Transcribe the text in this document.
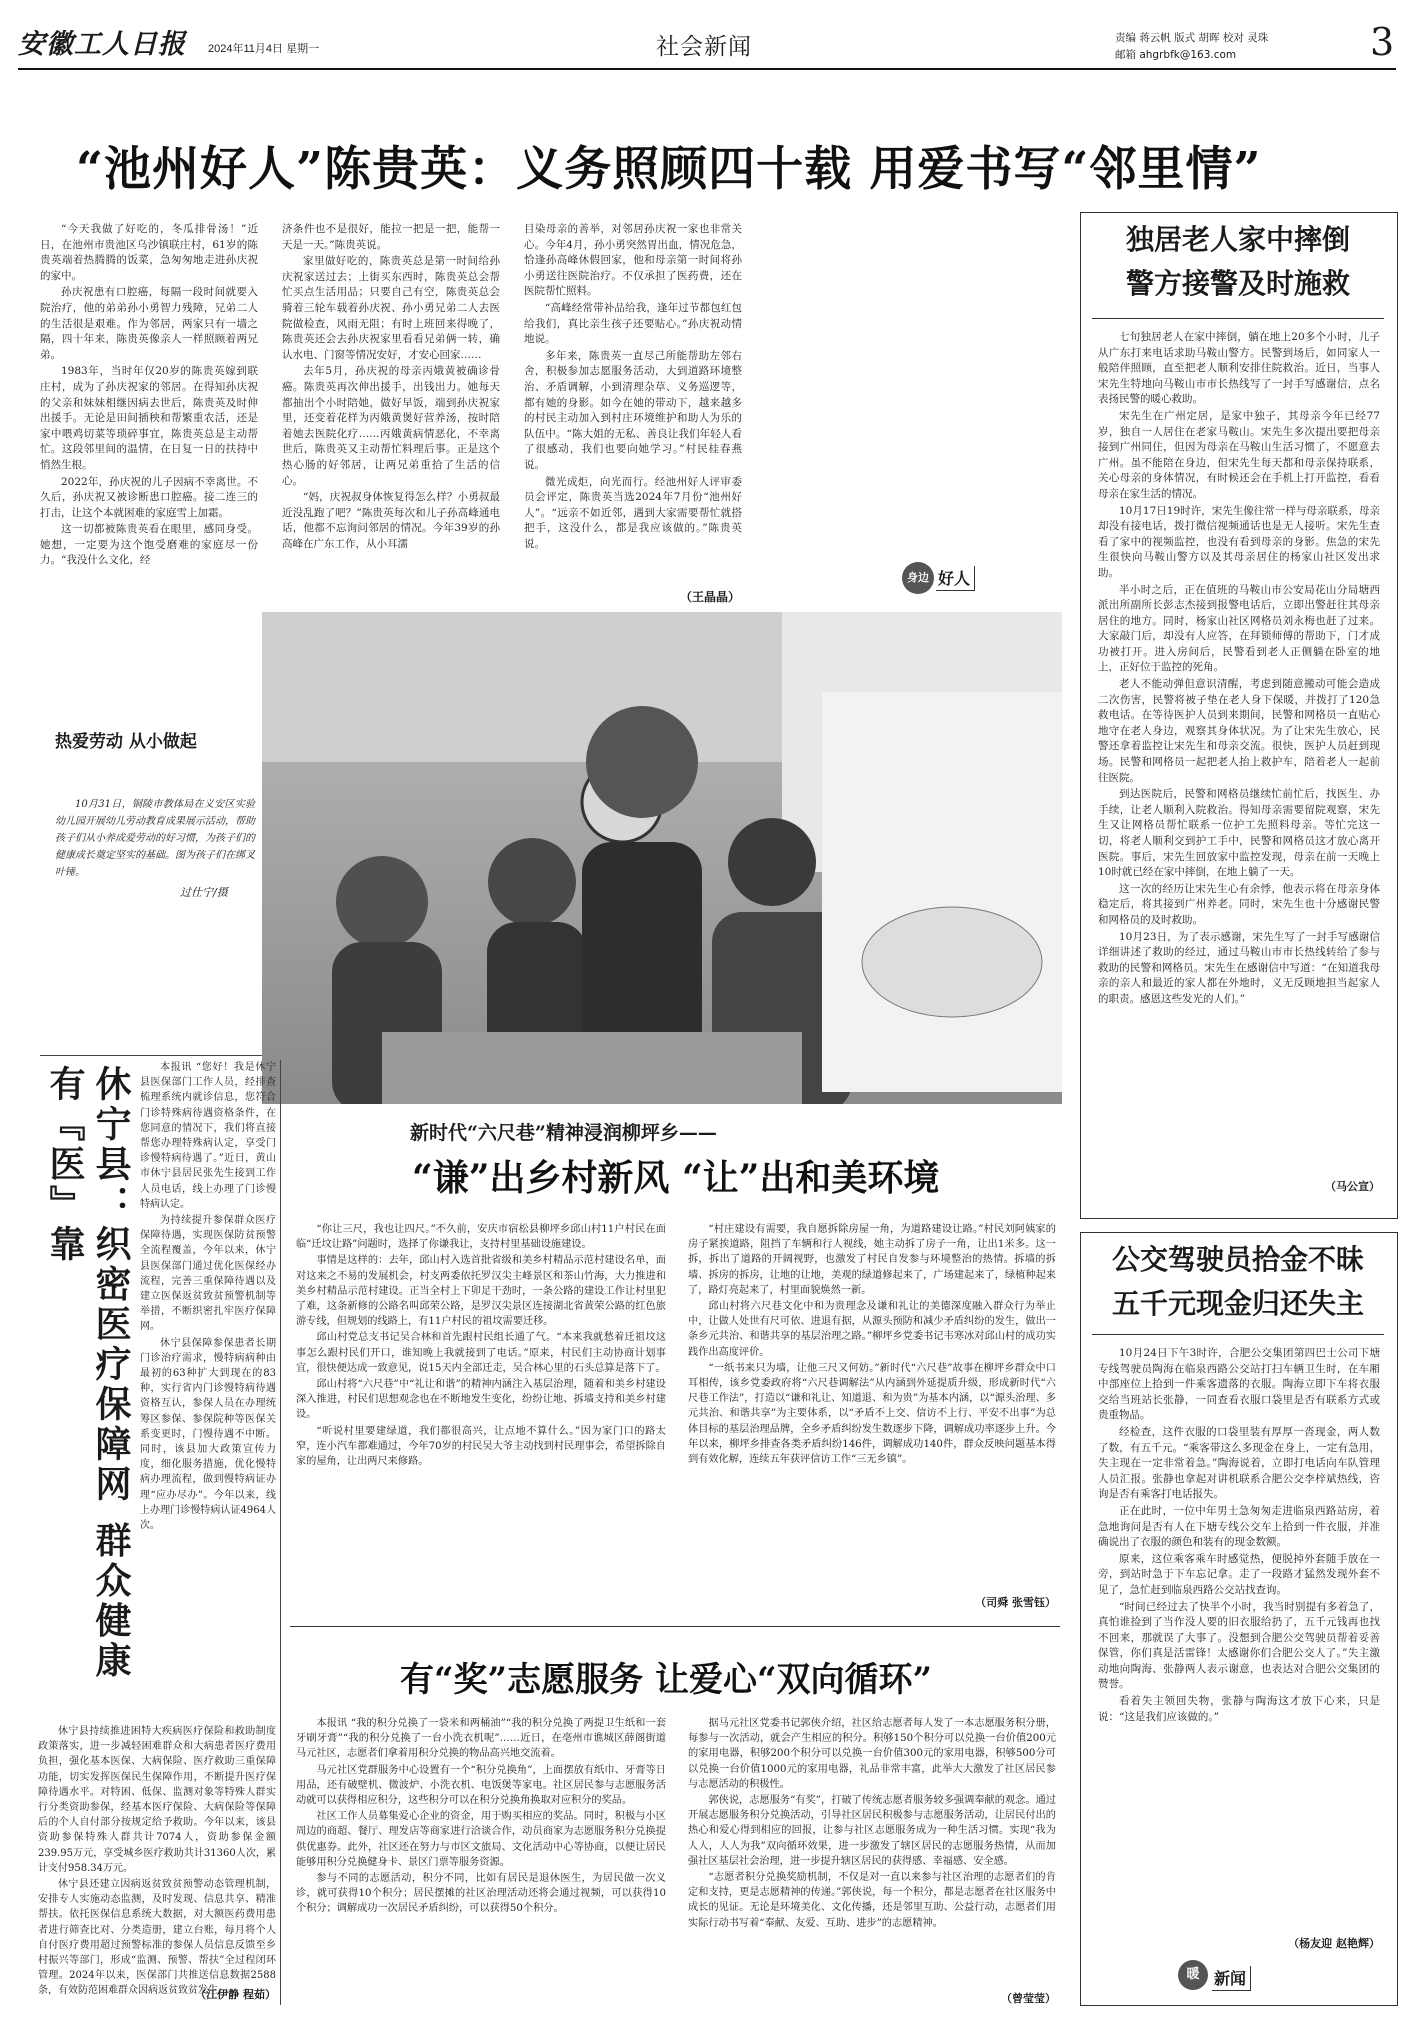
安徽工人日报 2024年11月4日 星期一	社会新闻	责编 蒋云帆 版式 胡晖 校对 灵珠
邮箱 ahgrbfk@163.com	3
“池州好人”陈贵英：义务照顾四十载 用爱书写“邻里情”

“今天我做了好吃的，冬瓜排骨汤！”近日，在池州市贵池区乌沙镇联庄村，61岁的陈贵英端着热腾腾的饭菜，急匆匆地走进孙庆祝的家中。

孙庆祝患有口腔癌，每隔一段时间就要入院治疗，他的弟弟孙小勇智力残障，兄弟二人的生活很是艰难。作为邻居，两家只有一墙之隔，四十年来，陈贵英像亲人一样照顾着两兄弟。

1983年，当时年仅20岁的陈贵英嫁到联庄村，成为了孙庆祝家的邻居。在得知孙庆祝的父亲和妹妹相继因病去世后，陈贵英及时伸出援手。无论是田间插秧和帮繁重农活，还是家中喂鸡切菜等琐碎事宜，陈贵英总是主动帮忙。这段邻里间的温情，在日复一日的扶持中悄然生根。

2022年，孙庆祝的儿子因病不幸离世。不久后，孙庆祝又被诊断患口腔癌。接二连三的打击，让这个本就困难的家庭雪上加霜。

这一切都被陈贵英看在眼里，感同身受。她想，一定要为这个饱受磨难的家庭尽一份力。“我没什么文化，经

济条件也不是很好，能拉一把是一把，能帮一天是一天。”陈贵英说。

家里做好吃的，陈贵英总是第一时间给孙庆祝家送过去；上街买东西时，陈贵英总会帮忙买点生活用品；只要自己有空，陈贵英总会骑着三轮车载着孙庆祝、孙小勇兄弟二人去医院做检查，风雨无阻；有时上班回来得晚了，陈贵英还会去孙庆祝家里看看兄弟俩一转，确认水电、门窗等情况安好，才安心回家……

去年5月，孙庆祝的母亲丙娥黄被确诊骨癌。陈贵英再次伸出援手，出钱出力。她每天都抽出个小时陪她，做好早饭，端到孙庆祝家里，还变着花样为丙娥黄煲好营养汤，按时陪着她去医院化疗……丙娥黄病情恶化，不幸离世后，陈贵英又主动帮忙料理后事。正是这个热心肠的好邻居，让两兄弟重拾了生活的信心。

“妈，庆祝叔身体恢复得怎么样？小勇叔最近没乱跑了吧？”陈贵英每次和儿子孙高峰通电话，他都不忘询问邻居的情况。今年39岁的孙高峰在广东工作，从小耳濡

目染母亲的善举，对邻居孙庆祝一家也非常关心。今年4月，孙小勇突然胃出血，情况危急，恰逢孙高峰休假回家，他和母亲第一时间将孙小勇送往医院治疗。不仅承担了医药费，还在医院帮忙照料。

“高峰经常带补品给我，逢年过节都包红包给我们，真比亲生孩子还要贴心。”孙庆祝动情地说。

多年来，陈贵英一直尽己所能帮助左邻右舍，积极参加志愿服务活动，大到道路环境整治、矛盾调解，小到清理杂草、义务巡逻等，都有她的身影。如今在她的带动下，越来越多的村民主动加入到村庄环境维护和助人为乐的队伍中。“陈大姐的无私、善良让我们年轻人看了很感动，我们也要向她学习。”村民桂春燕说。

微光成炬，向光而行。经池州好人评审委员会评定，陈贵英当选2024年7月份“池州好人”。“远亲不如近邻，遇到大家需要帮忙就搭把手，这没什么，都是我应该做的。”陈贵英说。

（王晶晶）
身边 好人
热爱劳动 从小做起
10月31日，铜陵市教体局在义安区实验幼儿园开展幼儿劳动教育成果展示活动，帮助孩子们从小养成爱劳动的好习惯，为孩子们的健康成长奠定坚实的基础。图为孩子们在绑叉叶锤。
过仕宁/摄
独居老人家中摔倒
警方接警及时施救

七旬独居老人在家中摔倒，躺在地上20多个小时，儿子从广东打来电话求助马鞍山警方。民警到场后，如同家人一般陪伴照顾，直至把老人顺利安排住院救治。近日，当事人宋先生特地向马鞍山市市长热线写了一封手写感谢信，点名表扬民警的暖心救助。

宋先生在广州定居，是家中独子，其母亲今年已经77岁，独自一人居住在老家马鞍山。宋先生多次提出要把母亲接到广州同住，但因为母亲在马鞍山生活习惯了，不愿意去广州。虽不能陪在身边，但宋先生每天都和母亲保持联系，关心母亲的身体情况，有时候还会在手机上打开监控，看看母亲在家生活的情况。

10月17日19时许，宋先生像往常一样与母亲联系，母亲却没有接电话，拨打微信视频通话也是无人接听。宋先生查看了家中的视频监控，也没有看到母亲的身影。焦急的宋先生很快向马鞍山警方以及其母亲居住的杨家山社区发出求助。

半小时之后，正在值班的马鞍山市公安局花山分局塘西派出所副所长彭志杰接到报警电话后，立即出警赶往其母亲居住的地方。同时，杨家山社区网格员刘永梅也赶了过来。大家敲门后，却没有人应答，在拜锁师傅的帮助下，门才成功被打开。进入房间后，民警看到老人正侧躺在卧室的地上，正好位于监控的死角。

老人不能动弹但意识清醒，考虑到随意搬动可能会造成二次伤害，民警将被子垫在老人身下保暖，并拨打了120急救电话。在等待医护人员到来期间，民警和网格员一直贴心地守在老人身边，观察其身体状况。为了让宋先生放心，民警还拿着监控让宋先生和母亲交流。很快，医护人员赶到现场。民警和网格员一起把老人抬上救护车，陪着老人一起前往医院。

到达医院后，民警和网格员继续忙前忙后，找医生、办手续，让老人顺利入院救治。得知母亲需要留院观察，宋先生又让网格员帮忙联系一位护工先照料母亲。等忙完这一切，将老人顺利交到护工手中，民警和网格员这才放心离开医院。事后，宋先生回放家中监控发现，母亲在前一天晚上10时就已经在家中摔倒，在地上躺了一天。

这一次的经历让宋先生心有余悸，他表示将在母亲身体稳定后，将其接到广州养老。同时，宋先生也十分感谢民警和网格员的及时救助。

10月23日，为了表示感谢，宋先生写了一封手写感谢信详细讲述了救助的经过，通过马鞍山市市长热线转给了参与救助的民警和网格员。宋先生在感谢信中写道：“在知道我母亲的亲人和最近的家人都在外地时，义无反顾地担当起家人的职责。感恩这些发光的人们。”

（马公宣）
公交驾驶员拾金不昧
五千元现金归还失主

10月24日下午3时许，合肥公交集团第四巴士公司下塘专线驾驶员陶海在临泉西路公交站打扫车辆卫生时，在车厢中部座位上拾到一件乘客遗落的衣服。陶海立即下车将衣服交给当班站长张静，一同查看衣服口袋里是否有联系方式或贵重物品。

经检查，这件衣服的口袋里装有厚厚一沓现金，两人数了数，有五千元。“乘客带这么多现金在身上，一定有急用，失主现在一定非常着急。”陶海说着，立即打电话向车队管理人员汇报。张静也拿起对讲机联系合肥公交李梓斌热线，咨询是否有乘客打电话报失。

正在此时，一位中年男士急匆匆走进临泉西路站房，着急地询问是否有人在下塘专线公交车上拾到一件衣服，并准确说出了衣服的颜色和装有的现金数额。

原来，这位乘客乘车时感觉热，便脱掉外套随手放在一旁，到站时急于下车忘记拿。走了一段路才猛然发现外套不见了，急忙赶到临泉西路公交站找查询。

“时间已经过去了快半个小时，我当时别提有多着急了，真怕谁捡到了当作没人要的旧衣服给扔了，五千元钱再也找不回来，那就误了大事了。没想到合肥公交驾驶员帮着妥善保管，你们真是活雷锋！太感谢你们合肥公交人了。”失主激动地向陶海、张静两人表示谢意，也表达对合肥公交集团的赞誉。

看着失主领回失物，张静与陶海这才放下心来，只是说：“这是我们应该做的。”

（杨友迎 赵艳辉）
暖 新闻
休宁县：织密医疗保障网 群众健康有『医』靠	本报讯 “您好！我是休宁县医保部门工作人员，经排查梳理系统内就诊信息，您符合门诊特殊病待遇资格条件，在您同意的情况下，我们将直接帮您办理特殊病认定，享受门诊慢特病待遇了。”近日，黄山市休宁县居民张先生接到工作人员电话，线上办理了门诊慢特病认定。

为持续提升参保群众医疗保障待遇，实现医保防贫预警全流程覆盖，今年以来，休宁县医保部门通过优化医保经办流程，完善三重保障待遇以及建立医保返贫致贫预警机制等举措，不断织密扎牢医疗保障网。

休宁县保障参保患者长期门诊治疗需求，慢特病病种由最初的63种扩大到现在的83种，实行省内门诊慢特病待遇资格互认，参保人员在办理统筹区参保、参保院种等医保关系变更时，门慢待遇不中断。同时，该县加大政策宣传力度，细化服务措施，优化慢特病办理流程，做到慢特病证办理“应办尽办”。今年以来，线上办理门诊慢特病认证4964人次。

休宁县持续推进困特大疾病医疗保险和救助制度政策落实，进一步减轻困难群众和大病患者医疗费用负担，强化基本医保、大病保险、医疗救助三重保障功能，切实发挥医保民生保障作用，不断提升医疗保障待遇水平。对特困、低保、监测对象等特殊人群实行分类资助参保，经基本医疗保险、大病保险等保障后的个人自付部分按规定给予救助。今年以来，该县资助参保特殊人群共计7074人，资助参保金额239.95万元，享受城乡医疗救助共计31360人次，累计支付958.34万元。

休宁县还建立因病返贫致贫预警动态管理机制，安排专人实施动态监测，及时发现、信息共享、精准帮扶。依托医保信息系统大数据，对大额医药费用患者进行筛查比对、分类造册，建立台账，每月将个人自付医疗费用超过预警标准的参保人员信息反馈至乡村振兴等部门，形成“监测、预警、帮扶”全过程闭环管理。2024年以来，医保部门共推送信息数据2588条，有效防范困难群众因病返贫致贫发生。

（江伊静 程茹）
新时代“六尺巷”精神浸润柳坪乡——
“谦”出乡村新风 “让”出和美环境

“你让三尺，我也让四尺。”不久前，安庆市宿松县柳坪乡邱山村11户村民在面临“迁坟让路”问题时，选择了你谦我让，支持村里基础设施建设。

事情是这样的：去年，邱山村入选首批省级和美乡村精品示范村建设名单，面对这来之不易的发展机会，村支两委依托罗汉尖主峰景区和茶山竹海，大力推进和美乡村精品示范村建设。正当全村上下卯足干劲时，一条公路的建设工作让村里犯了难，这条新修的公路名叫邱荣公路，是罗汉尖景区连接湖北省黄荣公路的红色旅游专线，但规划的线路上，有11户村民的祖坟需要迁移。

邱山村党总支书记吴合林和首先跟村民组长通了气。“本来我就愁着迁祖坟这事怎么跟村民们开口，谁知晚上我就接到了电话。”原来，村民们主动协商计划事宜，很快便达成一致意见，说15天内全部迁走，吴合林心里的石头总算是落下了。

邱山村将“六尺巷”中“礼让和谐”的精神内涵注入基层治理，随着和美乡村建设深入推进，村民们思想观念也在不断地发生变化，纷纷让地、拆墙支持和美乡村建设。

“听说村里要建绿道，我们都很高兴，让点地不算什么。”因为家门口的路太窄，连小汽车都难通过，今年70岁的村民吴大爷主动找到村民理事会，希望拆除自家的屋角，让出两尺来修路。

“村庄建设有需要，我自愿拆除房屋一角，为道路建设让路。”村民刘阿姨家的房子紧挨道路，阻挡了车辆和行人视线，她主动拆了房子一角，让出1米多。这一拆，拆出了道路的开阔视野，也激发了村民自发参与环境整治的热情。拆墙的拆墙、拆房的拆房，让地的让地，美观的绿道修起来了，广场建起来了，绿植种起来了，路灯亮起来了，村里面貌焕然一新。

邱山村将六尺巷文化中和为贵理念及谦和礼让的美德深度融入群众行为举止中，让做人处世有尺可依、进退有据，从源头预防和减少矛盾纠纷的发生，做出一条乡元共治、和谐共享的基层治理之路。”柳坪乡党委书记韦寒冰对邱山村的成功实践作出高度评价。

“一纸书来只为墙，让他三尺又何妨。”新时代“六尺巷”故事在柳坪乡群众中口耳相传，该乡党委政府将“六尺巷调解法”从内涵到外延提质升级，形成新时代“六尺巷工作法”，打造以“谦和礼让、知道退、和为贵”为基本内涵，以“源头治理、多元共治、和谐共享”为主要体系，以“矛盾不上交、信访不上行、平安不出事”为总体目标的基层治理品牌，全乡矛盾纠纷发生数逐步下降，调解成功率逐步上升。今年以来，柳坪乡排查各类矛盾纠纷146件，调解成功140件，群众反映问题基本得到有效化解，连续五年获评信访工作“三无乡镇”。

（司舜 张雪钰）
有“奖”志愿服务 让爱心“双向循环”

本报讯 “我的积分兑换了一袋米和两桶油”“我的积分兑换了两提卫生纸和一套牙刷牙膏”“我的积分兑换了一台小洗衣机呢”……近日，在亳州市谯城区薛阁街道马元社区，志愿者们拿着用积分兑换的物品高兴地交流着。

马元社区党群服务中心设置有一个“积分兑换角”，上面摆放有纸巾、牙膏等日用品，还有破壁机、微波炉、小洗衣机、电饭煲等家电。社区居民参与志愿服务活动就可以获得相应积分，这些积分可以在积分兑换角换取对应积分的奖品。

社区工作人员募集爱心企业的资金，用于购买相应的奖品。同时，积极与小区周边的商超、餐厅、理发店等商家进行洽谈合作，动员商家为志愿服务积分兑换提供优惠券。此外，社区还在努力与市区文旅局、文化活动中心等协商，以便让居民能够用积分兑换健身卡、景区门票等服务资源。

参与不同的志愿活动，积分不同，比如有居民是退休医生，为居民做一次义诊，就可获得10个积分；居民摆摊的社区治理活动还将会通过视频，可以获得10个积分；调解成功一次居民矛盾纠纷，可以获得50个积分。

据马元社区党委书记郭侠介绍，社区给志愿者每人发了一本志愿服务积分册，每参与一次活动，就会产生相应的积分。积够150个积分可以兑换一台价值200元的家用电器，积够200个积分可以兑换一台价值300元的家用电器，积够500分可以兑换一台价值1000元的家用电器，礼品非常丰富，此举大大激发了社区居民参与志愿活动的积极性。

郭侠说，志愿服务“有奖”，打破了传统志愿者服务较多强调奉献的观念。通过开展志愿服务积分兑换活动，引导社区居民积极参与志愿服务活动，让居民付出的热心和爱心得到相应的回报，让参与社区志愿服务成为一种生活习惯。实现“我为人人，人人为我”双向循环效果，进一步激发了辖区居民的志愿服务热情，从而加强社区基层社会治理，进一步提升辖区居民的获得感、幸福感、安全感。

“志愿者积分兑换奖励机制，不仅是对一直以来参与社区治理的志愿者们的肯定和支持，更是志愿精神的传递。”郭侠说，每一个积分，都是志愿者在社区服务中成长的见证。无论是环境美化、文化传播，还是邻里互助、公益行动，志愿者们用实际行动书写着“奉献、友爱、互助、进步”的志愿精神。

（曾莹莹）
